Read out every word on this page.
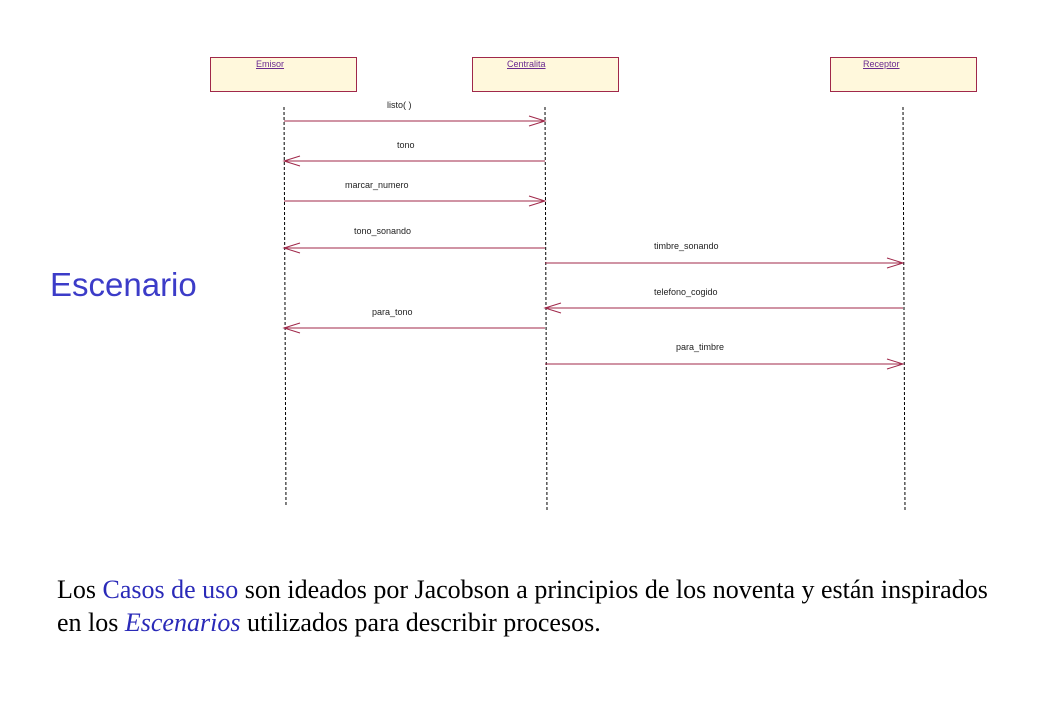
Emisor	Centralita	Receptor
listo( )
tono
marcar_numero
tono_sonando
timbre_sonando
telefono_cogido
para_tono
para_timbre
Escenario
Los Casos de uso son ideados por Jacobson a principios de los noventa y están inspirados en los Escenarios utilizados para describir procesos.
